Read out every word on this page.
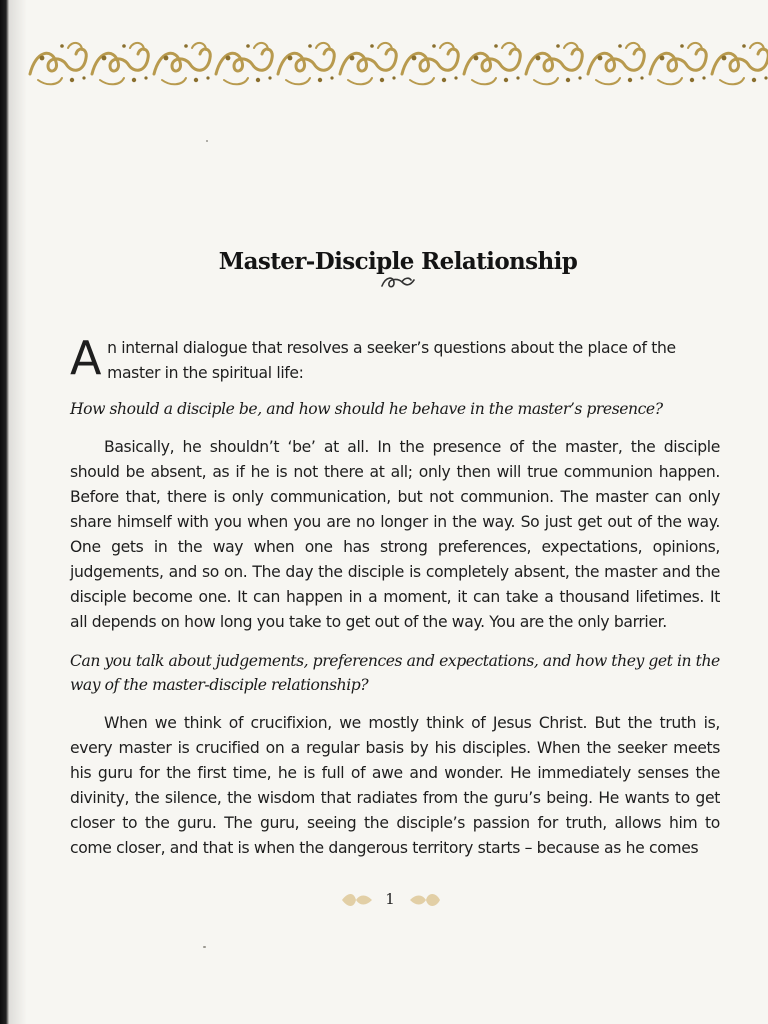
Master-Disciple Relationship

An internal dialogue that resolves a seeker’s questions about the place of the master in the spiritual life:

How should a disciple be, and how should he behave in the master’s presence?

Basically, he shouldn’t ‘be’ at all. In the presence of the master, the disciple should be absent, as if he is not there at all; only then will true communion happen. Before that, there is only communication, but not communion. The master can only share himself with you when you are no longer in the way. So just get out of the way. One gets in the way when one has strong preferences, expectations, opinions, judgements, and so on. The day the disciple is completely absent, the master and the disciple become one. It can happen in a moment, it can take a thousand lifetimes. It all depends on how long you take to get out of the way. You are the only barrier.

Can you talk about judgements, preferences and expectations, and how they get in the way of the master-disciple relationship?

When we think of crucifixion, we mostly think of Jesus Christ. But the truth is, every master is crucified on a regular basis by his disciples. When the seeker meets his guru for the first time, he is full of awe and wonder. He immediately senses the divinity, the silence, the wisdom that radiates from the guru’s being. He wants to get closer to the guru. The guru, seeing the disciple’s passion for truth, allows him to come closer, and that is when the dangerous territory starts – because as he comes

1
